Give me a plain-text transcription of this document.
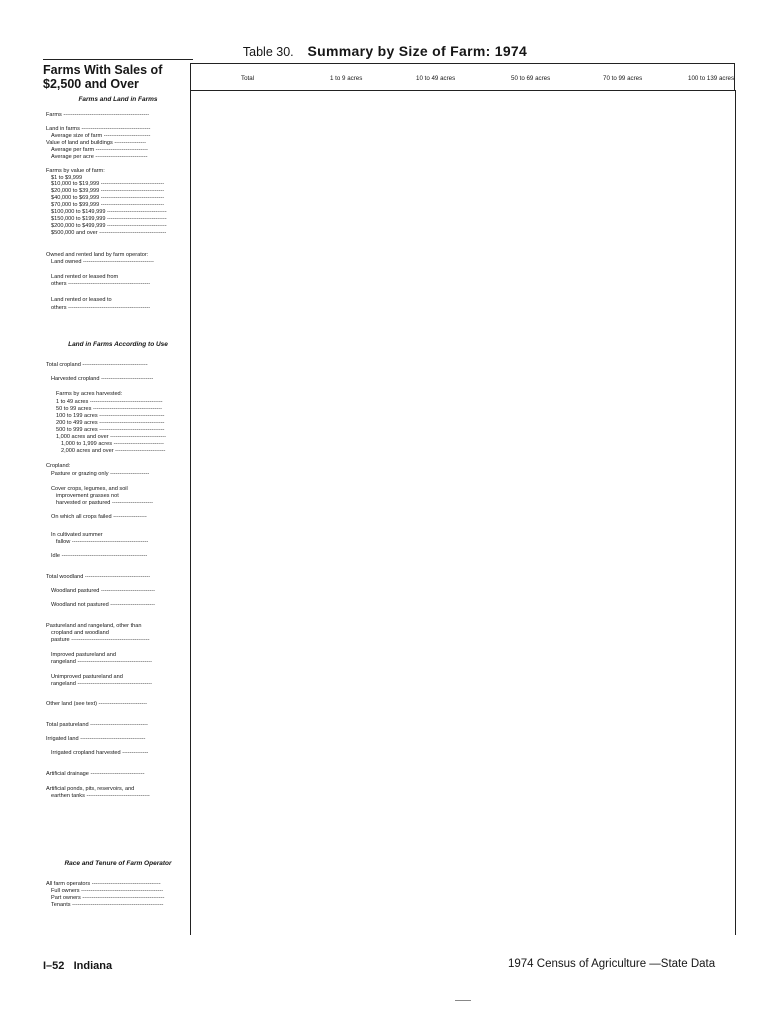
Table 30. Summary by Size of Farm: 1974
Farms With Sales of $2,500 and Over	Total	1 to 9 acres	10 to 49 acres	50 to 69 acres	70 to 99 acres	100 to 139 acres
Farms and Land in Farms
Land in Farms According to Use
Race and Tenure of Farm Operator
Farms ----------------------------------------------
Land in farms -------------------------------------
Average size of farm -------------------------
Value of land and buildings -----------------
Average per farm ----------------------------
Average per acre ----------------------------
Farms by value of farm:
$1 to $9,999
$10,000 to $19,999 ----------------------------------
$20,000 to $39,999 ----------------------------------
$40,000 to $69,999 ----------------------------------
$70,000 to $99,999 ----------------------------------
$100,000 to $149,999 --------------------------------
$150,000 to $199,999 --------------------------------
$200,000 to $499,999 --------------------------------
$500,000 and over ------------------------------------
Owned and rented land by farm operator:
Land owned --------------------------------------
Land rented or leased from
others --------------------------------------------
Land rented or leased to
others --------------------------------------------
Total cropland -----------------------------------
Harvested cropland ----------------------------
Farms by acres harvested:
1 to 49 acres ---------------------------------------
50 to 99 acres -------------------------------------
100 to 199 acres -----------------------------------
200 to 499 acres -----------------------------------
500 to 999 acres -----------------------------------
1,000 acres and over ------------------------------
1,000 to 1,999 acres ---------------------------
2,000 acres and over ---------------------------
Cropland:
Pasture or grazing only ---------------------
Cover crops, legumes, and soil
improvement grasses not
harvested or pastured ----------------------
On which all crops failed ------------------
In cultivated summer
fallow -----------------------------------------
Idle ----------------------------------------------
Total woodland -----------------------------------
Woodland pastured -----------------------------
Woodland not pastured ------------------------
Pastureland and rangeland, other than
cropland and woodland
pasture ------------------------------------------
Improved pastureland and
rangeland ----------------------------------------
Unimproved pastureland and
rangeland ----------------------------------------
Other land (see text) --------------------------
Total pastureland -------------------------------
Irrigated land -----------------------------------
Irrigated cropland harvested --------------
Artificial drainage -----------------------------
Artificial ponds, pits, reservoirs, and
earthen tanks ----------------------------------
All farm operators -------------------------------------
Full owners --------------------------------------------
Part owners --------------------------------------------
Tenants -------------------------------------------------
I–52 Indiana	1974 Census of Agriculture —State Data
